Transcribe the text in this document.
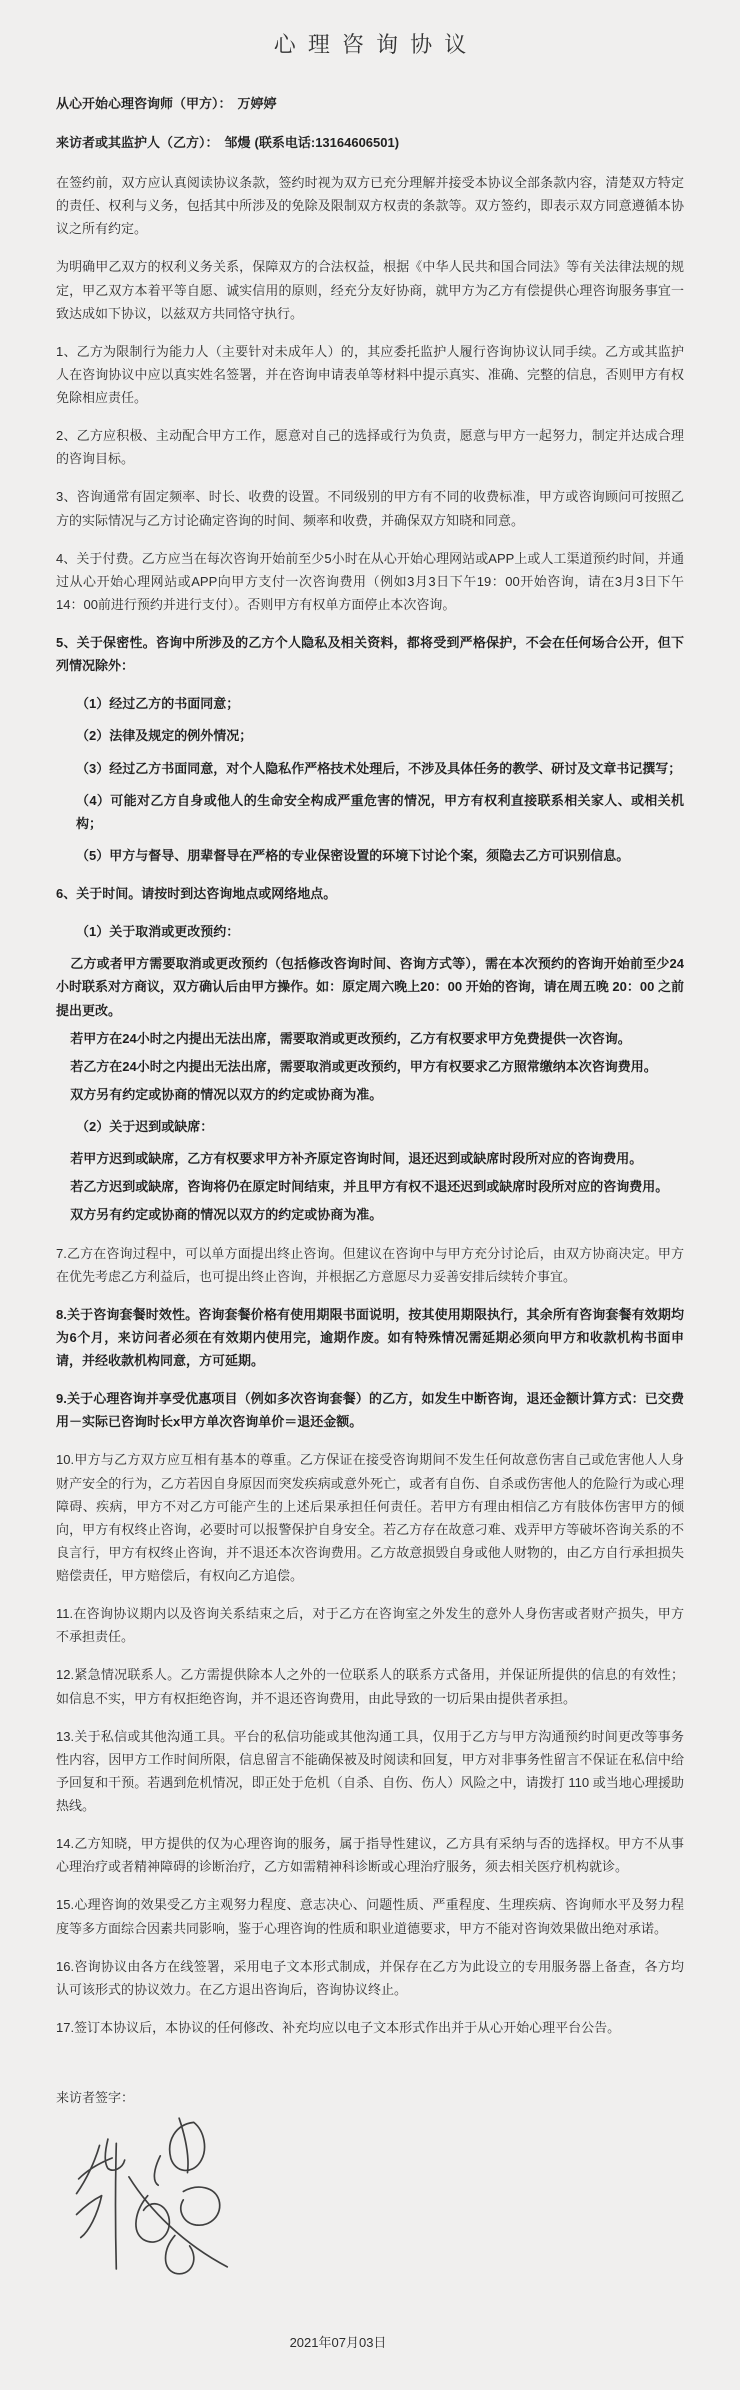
心理咨询协议

从心开始心理咨询师（甲方）： 万婷婷

来访者或其监护人（乙方）： 邹熳 (联系电话:13164606501)

在签约前，双方应认真阅读协议条款，签约时视为双方已充分理解并接受本协议全部条款内容，清楚双方特定的责任、权利与义务，包括其中所涉及的免除及限制双方权责的条款等。双方签约，即表示双方同意遵循本协议之所有约定。

为明确甲乙双方的权利义务关系，保障双方的合法权益，根据《中华人民共和国合同法》等有关法律法规的规定，甲乙双方本着平等自愿、诚实信用的原则，经充分友好协商，就甲方为乙方有偿提供心理咨询服务事宜一致达成如下协议，以兹双方共同恪守执行。

1、乙方为限制行为能力人（主要针对未成年人）的，其应委托监护人履行咨询协议认同手续。乙方或其监护人在咨询协议中应以真实姓名签署，并在咨询申请表单等材料中提示真实、准确、完整的信息，否则甲方有权免除相应责任。

2、乙方应积极、主动配合甲方工作，愿意对自己的选择或行为负责，愿意与甲方一起努力，制定并达成合理的咨询目标。

3、咨询通常有固定频率、时长、收费的设置。不同级别的甲方有不同的收费标准，甲方或咨询顾问可按照乙方的实际情况与乙方讨论确定咨询的时间、频率和收费，并确保双方知晓和同意。

4、关于付费。乙方应当在每次咨询开始前至少5小时在从心开始心理网站或APP上或人工渠道预约时间，并通过从心开始心理网站或APP向甲方支付一次咨询费用（例如3月3日下午19：00开始咨询，请在3月3日下午14：00前进行预约并进行支付）。否则甲方有权单方面停止本次咨询。

5、关于保密性。咨询中所涉及的乙方个人隐私及相关资料，都将受到严格保护，不会在任何场合公开，但下列情况除外：

（1）经过乙方的书面同意；

（2）法律及规定的例外情况；

（3）经过乙方书面同意，对个人隐私作严格技术处理后，不涉及具体任务的教学、研讨及文章书记撰写；

（4）可能对乙方自身或他人的生命安全构成严重危害的情况，甲方有权利直接联系相关家人、或相关机构；

（5）甲方与督导、朋辈督导在严格的专业保密设置的环境下讨论个案，须隐去乙方可识别信息。

6、关于时间。请按时到达咨询地点或网络地点。

（1）关于取消或更改预约：

乙方或者甲方需要取消或更改预约（包括修改咨询时间、咨询方式等），需在本次预约的咨询开始前至少24小时联系对方商议，双方确认后由甲方操作。如：原定周六晚上20：00 开始的咨询，请在周五晚 20：00 之前提出更改。

若甲方在24小时之内提出无法出席，需要取消或更改预约，乙方有权要求甲方免费提供一次咨询。

若乙方在24小时之内提出无法出席，需要取消或更改预约，甲方有权要求乙方照常缴纳本次咨询费用。

双方另有约定或协商的情况以双方的约定或协商为准。

（2）关于迟到或缺席：

若甲方迟到或缺席，乙方有权要求甲方补齐原定咨询时间，退还迟到或缺席时段所对应的咨询费用。

若乙方迟到或缺席，咨询将仍在原定时间结束，并且甲方有权不退还迟到或缺席时段所对应的咨询费用。

双方另有约定或协商的情况以双方的约定或协商为准。

7.乙方在咨询过程中，可以单方面提出终止咨询。但建议在咨询中与甲方充分讨论后，由双方协商决定。甲方在优先考虑乙方利益后，也可提出终止咨询，并根据乙方意愿尽力妥善安排后续转介事宜。

8.关于咨询套餐时效性。咨询套餐价格有使用期限书面说明，按其使用期限执行，其余所有咨询套餐有效期均为6个月，来访问者必须在有效期内使用完，逾期作废。如有特殊情况需延期必须向甲方和收款机构书面申请，并经收款机构同意，方可延期。

9.关于心理咨询并享受优惠项目（例如多次咨询套餐）的乙方，如发生中断咨询，退还金额计算方式：已交费用－实际已咨询时长x甲方单次咨询单价＝退还金额。

10.甲方与乙方双方应互相有基本的尊重。乙方保证在接受咨询期间不发生任何故意伤害自己或危害他人人身财产安全的行为，乙方若因自身原因而突发疾病或意外死亡，或者有自伤、自杀或伤害他人的危险行为或心理障碍、疾病，甲方不对乙方可能产生的上述后果承担任何责任。若甲方有理由相信乙方有肢体伤害甲方的倾向，甲方有权终止咨询，必要时可以报警保护自身安全。若乙方存在故意刁难、戏弄甲方等破坏咨询关系的不良言行，甲方有权终止咨询，并不退还本次咨询费用。乙方故意损毁自身或他人财物的，由乙方自行承担损失赔偿责任，甲方赔偿后，有权向乙方追偿。

11.在咨询协议期内以及咨询关系结束之后，对于乙方在咨询室之外发生的意外人身伤害或者财产损失，甲方不承担责任。

12.紧急情况联系人。乙方需提供除本人之外的一位联系人的联系方式备用，并保证所提供的信息的有效性；如信息不实，甲方有权拒绝咨询，并不退还咨询费用，由此导致的一切后果由提供者承担。

13.关于私信或其他沟通工具。平台的私信功能或其他沟通工具，仅用于乙方与甲方沟通预约时间更改等事务性内容，因甲方工作时间所限，信息留言不能确保被及时阅读和回复，甲方对非事务性留言不保证在私信中给予回复和干预。若遇到危机情况，即正处于危机（自杀、自伤、伤人）风险之中，请拨打 110 或当地心理援助热线。

14.乙方知晓，甲方提供的仅为心理咨询的服务，属于指导性建议，乙方具有采纳与否的选择权。甲方不从事心理治疗或者精神障碍的诊断治疗，乙方如需精神科诊断或心理治疗服务，须去相关医疗机构就诊。

15.心理咨询的效果受乙方主观努力程度、意志决心、问题性质、严重程度、生理疾病、咨询师水平及努力程度等多方面综合因素共同影响，鉴于心理咨询的性质和职业道德要求，甲方不能对咨询效果做出绝对承诺。

16.咨询协议由各方在线签署，采用电子文本形式制成，并保存在乙方为此设立的专用服务器上备查，各方均认可该形式的协议效力。在乙方退出咨询后，咨询协议终止。

17.签订本协议后，本协议的任何修改、补充均应以电子文本形式作出并于从心开始心理平台公告。

来访者签字：

2021年07月03日
